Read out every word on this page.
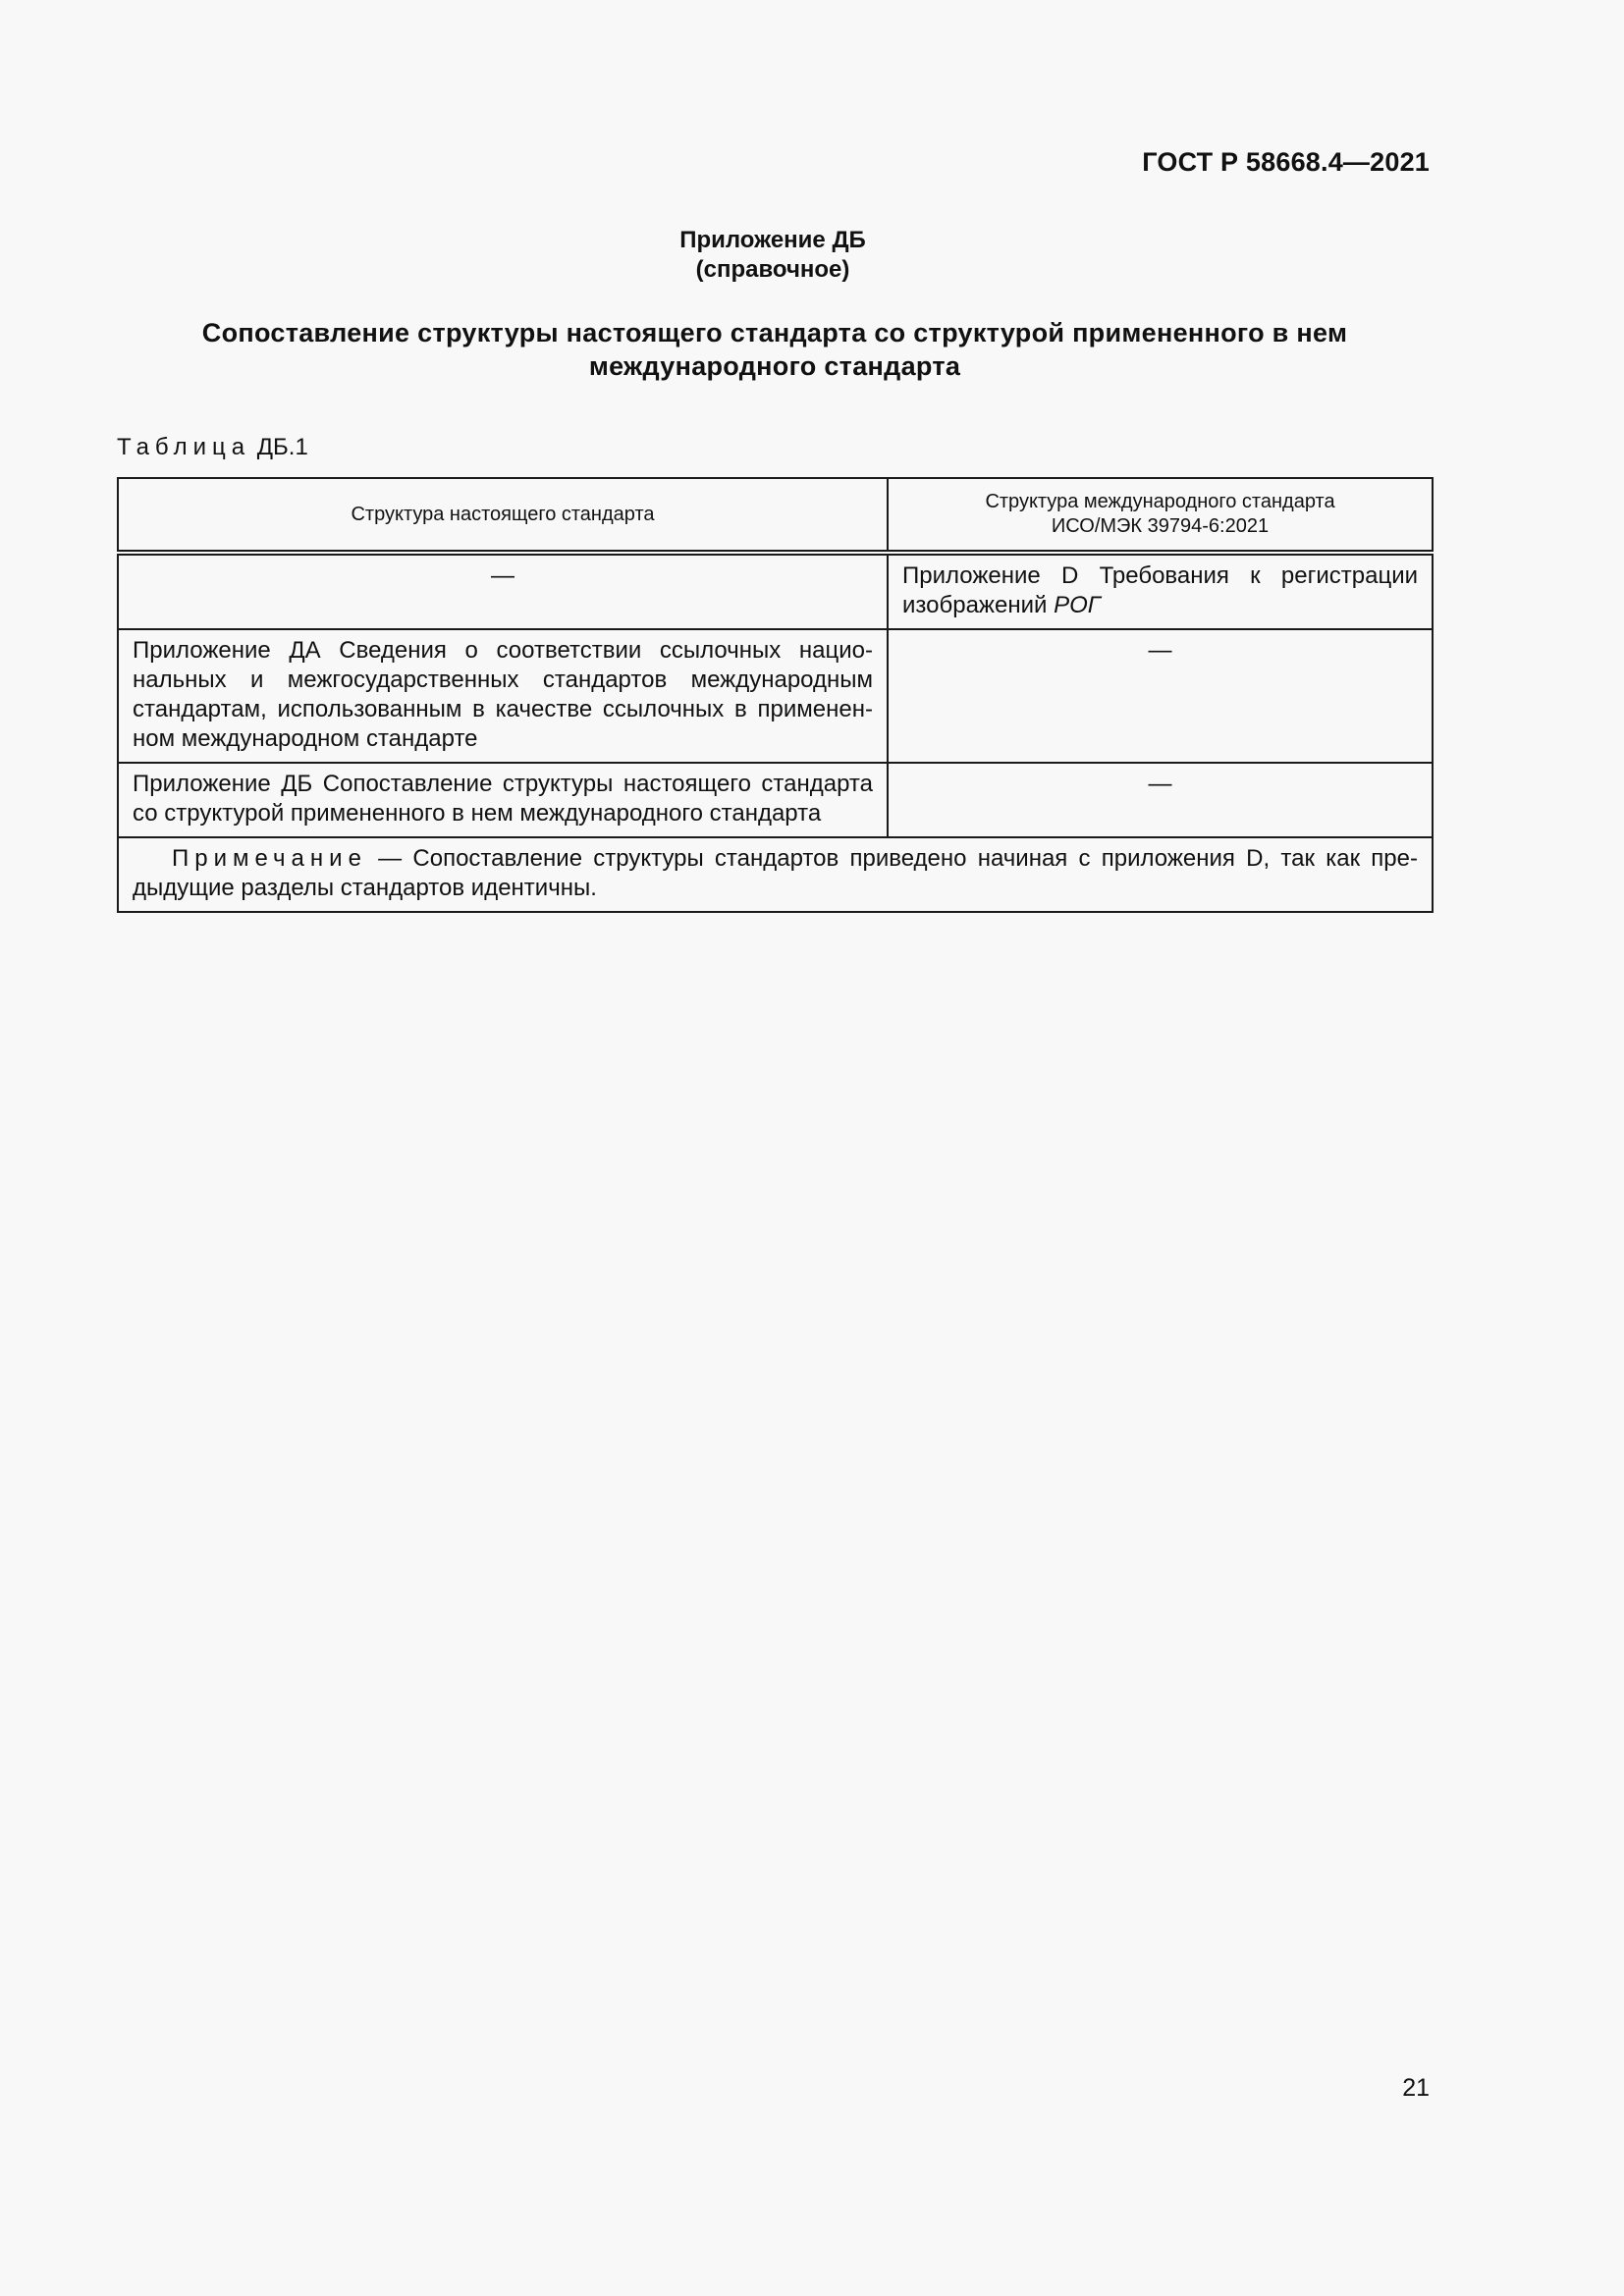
ГОСТ Р 58668.4—2021
Приложение ДБ
(справочное)
Сопоставление структуры настоящего стандарта со структурой примененного в нем
международного стандарта
Таблица ДБ.1
Структура настоящего стандарта	Структура международного стандарта
ИСО/МЭК 39794-6:2021

—	Приложение D Требования к регистрации изображений РОГ
Приложение ДА Сведения о соответствии ссылочных национальных и межгосударственных стандартов международным стандартам, использованным в качестве ссылочных в примененном международном стандарте	—
Приложение ДБ Сопоставление структуры настоящего стандарта со структурой примененного в нем международного стандарта	—
Примечание — Сопоставление структуры стандартов приведено начиная с приложения D, так как предыдущие разделы стандартов идентичны.	
21
